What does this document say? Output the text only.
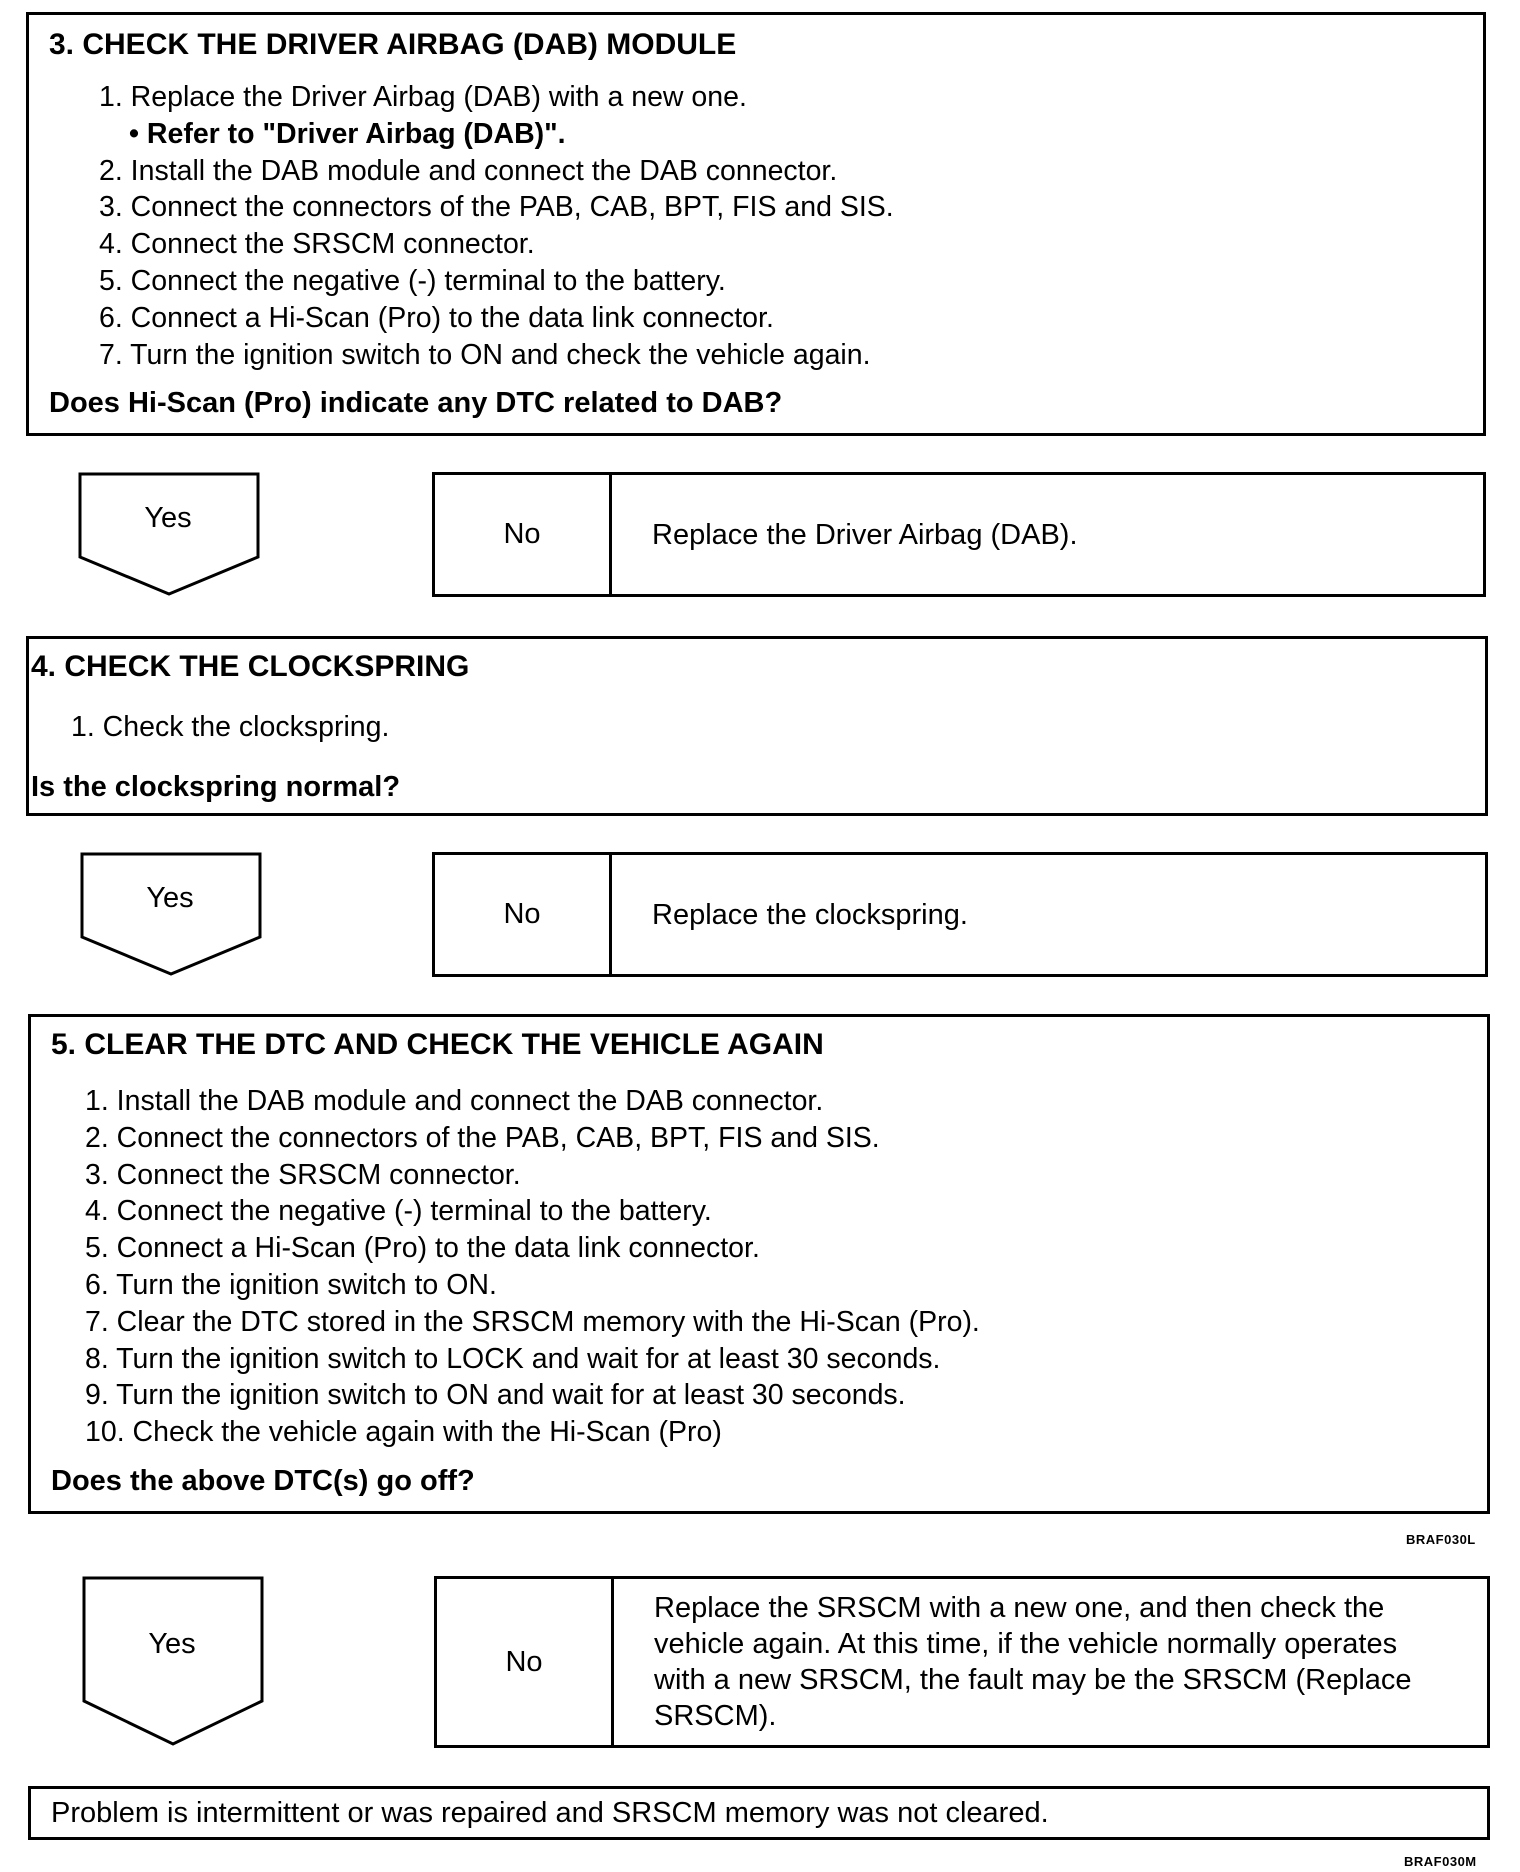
3. CHECK THE DRIVER AIRBAG (DAB) MODULE
1. Replace the Driver Airbag (DAB) with a new one.
• Refer to "Driver Airbag (DAB)".
2. Install the DAB module and connect the DAB connector.
3. Connect the connectors of the PAB, CAB, BPT, FIS and SIS.
4. Connect the SRSCM connector.
5. Connect the negative (-) terminal to the battery.
6. Connect a Hi-Scan (Pro) to the data link connector.
7. Turn the ignition switch to ON and check the vehicle again.
Does Hi-Scan (Pro) indicate any DTC related to DAB?
Yes	No	Replace the Driver Airbag (DAB).
4. CHECK THE CLOCKSPRING
1. Check the clockspring.
Is the clockspring normal?
Yes	No	Replace the clockspring.
5. CLEAR THE DTC AND CHECK THE VEHICLE AGAIN
1. Install the DAB module and connect the DAB connector.
2. Connect the connectors of the PAB, CAB, BPT, FIS and SIS.
3. Connect the SRSCM connector.
4. Connect the negative (-) terminal to the battery.
5. Connect a Hi-Scan (Pro) to the data link connector.
6. Turn the ignition switch to ON.
7. Clear the DTC stored in the SRSCM memory with the Hi-Scan (Pro).
8. Turn the ignition switch to LOCK and wait for at least 30 seconds.
9. Turn the ignition switch to ON and wait for at least 30 seconds.
10. Check the vehicle again with the Hi-Scan (Pro)
Does the above DTC(s) go off?
BRAF030L
Yes
No
Replace the SRSCM with a new one, and then check the vehicle again. At this time, if the vehicle normally operates with a new SRSCM, the fault may be the SRSCM (Replace SRSCM).
Problem is intermittent or was repaired and SRSCM memory was not cleared.
BRAF030M
